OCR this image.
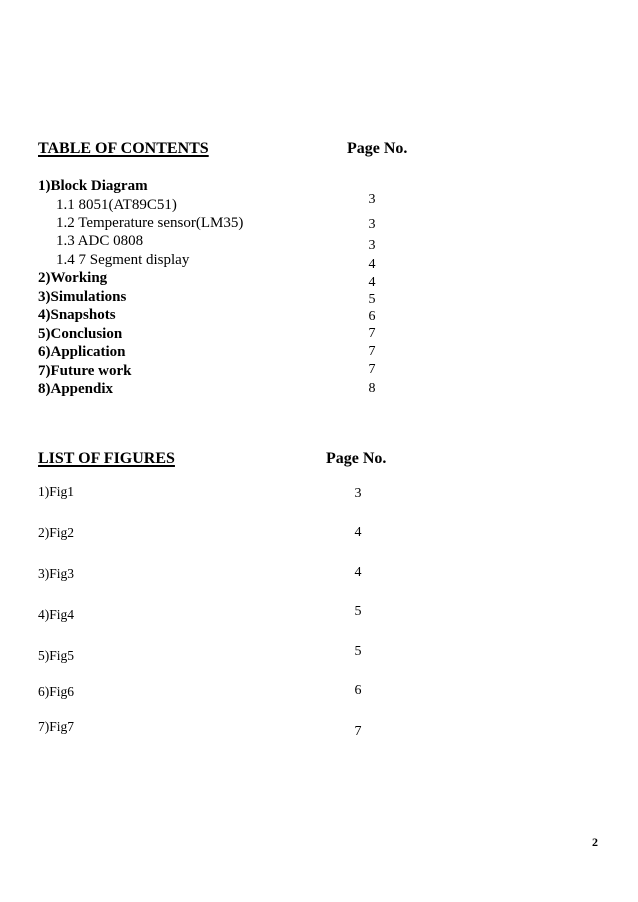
TABLE OF CONTENTS	Page No.
1)Block Diagram
1.1 8051(AT89C51)
1.2 Temperature sensor(LM35)
1.3 ADC 0808
1.4 7 Segment display
2)Working
3)Simulations
4)Snapshots
5)Conclusion
6)Application
7)Future work
8)Appendix
3
3
3
4
4
5
6
7
7
7
8
LIST OF FIGURES	Page No.
1)Fig1
2)Fig2
3)Fig3
4)Fig4
5)Fig5
6)Fig6
7)Fig7
3
4
4
5
5
6
7
2
